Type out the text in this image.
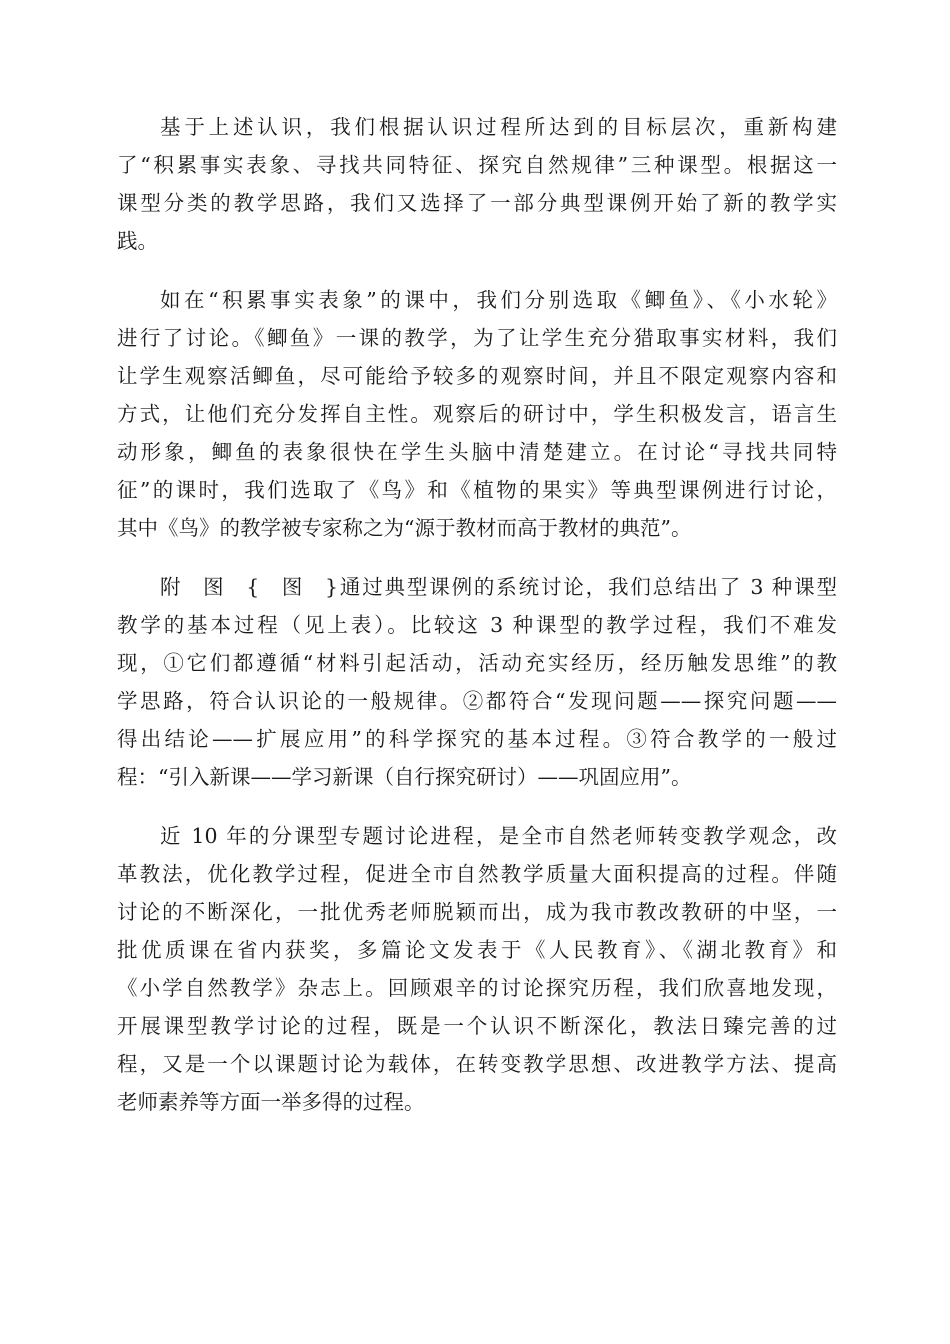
基于上述认识，我们根据认识过程所达到的目标层次，重新构建
了“积累事实表象、寻找共同特征、探究自然规律”三种课型。根据这一
课型分类的教学思路，我们又选择了一部分典型课例开始了新的教学实
践。
如在“积累事实表象”的课中，我们分别选取《鲫鱼》、《小水轮》
进行了讨论。《鲫鱼》一课的教学，为了让学生充分猎取事实材料，我们
让学生观察活鲫鱼，尽可能给予较多的观察时间，并且不限定观察内容和
方式，让他们充分发挥自主性。观察后的研讨中，学生积极发言，语言生
动形象，鲫鱼的表象很快在学生头脑中清楚建立。在讨论“寻找共同特
征”的课时，我们选取了《鸟》和《植物的果实》等典型课例进行讨论，
其中《鸟》的教学被专家称之为“源于教材而高于教材的典范”。
附图{图}通过典型课例的系统讨论，我们总结出了 3 种课型
教学的基本过程（见上表）。比较这 3 种课型的教学过程，我们不难发
现，①它们都遵循“材料引起活动，活动充实经历，经历触发思维”的教
学思路，符合认识论的一般规律。②都符合“发现问题——探究问题——
得出结论——扩展应用”的科学探究的基本过程。③符合教学的一般过
程：“引入新课——学习新课（自行探究研讨）——巩固应用”。
近 10 年的分课型专题讨论进程，是全市自然老师转变教学观念，改
革教法，优化教学过程，促进全市自然教学质量大面积提高的过程。伴随
讨论的不断深化，一批优秀老师脱颖而出，成为我市教改教研的中坚，一
批优质课在省内获奖，多篇论文发表于《人民教育》、《湖北教育》和
《小学自然教学》杂志上。回顾艰辛的讨论探究历程，我们欣喜地发现，
开展课型教学讨论的过程，既是一个认识不断深化，教法日臻完善的过
程，又是一个以课题讨论为载体，在转变教学思想、改进教学方法、提高
老师素养等方面一举多得的过程。
